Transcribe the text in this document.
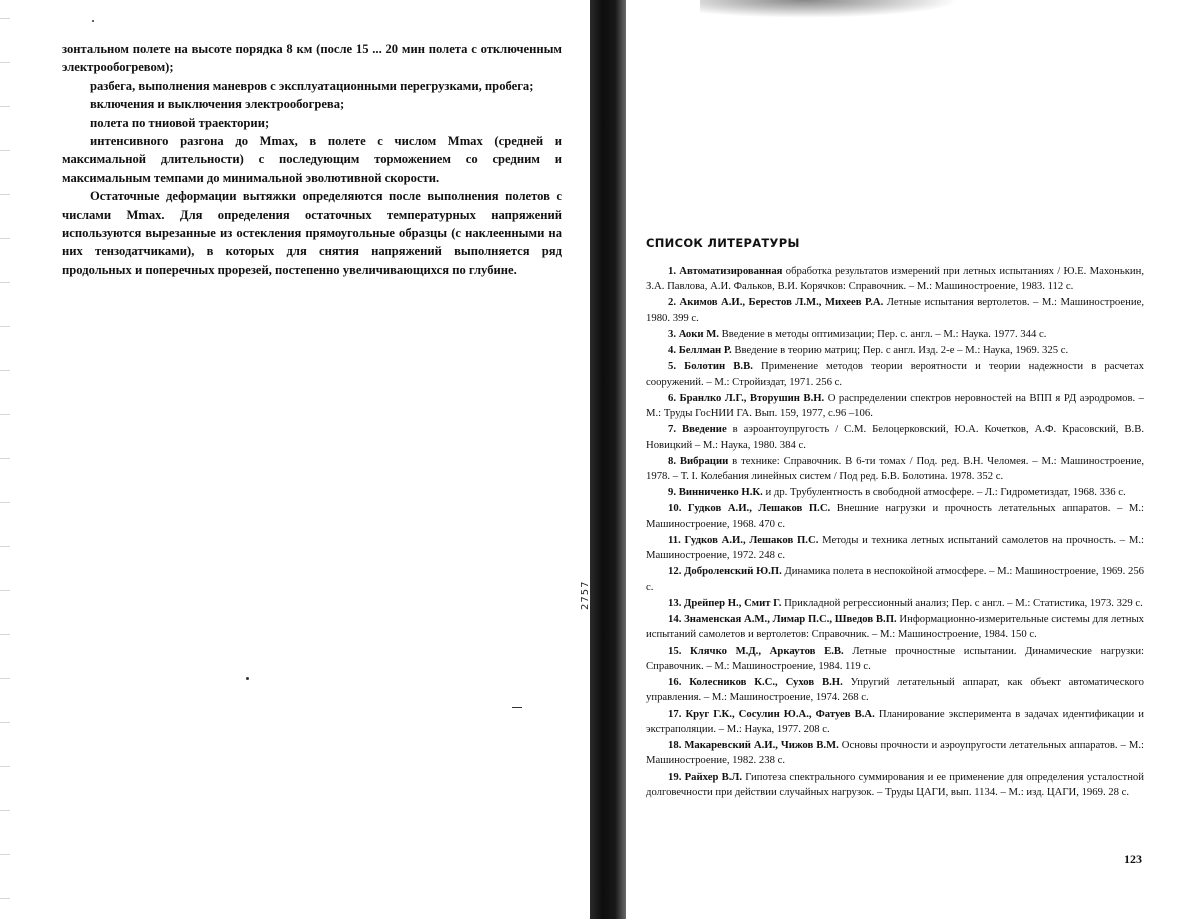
зонтальном полете на высоте порядка 8 км (после 15 ... 20 мин полета с отключенным электрообогревом);

разбега, выполнения маневров с эксплуатационными перегрузками, пробега;

включения и выключения электрообогрева;

полета по тниовой траектории;

интенсивного разгона до Mmax, в полете с числом Mmax (средней и максимальной длительности) с последующим торможением со средним и максимальным темпами до минимальной эволютивной скорости.

Остаточные деформации вытяжки определяются после выполнения полетов с числами Mmax. Для определения остаточных температурных напряжений используются вырезанные из остекления прямоугольные образцы (с наклеенными на них тензодатчиками), в которых для снятия напряжений выполняется ряд продольных и поперечных прорезей, постепенно увеличивающихся по глубине.

2757
СПИСОК ЛИТЕРАТУРЫ
1. Автоматизированная обработка результатов измерений при летных испытаниях / Ю.Е. Махонькин, З.А. Павлова, А.И. Фальков, В.И. Корячков: Справочник. – М.: Машиностроение, 1983. 112 с.
2. Акимов А.И., Берестов Л.М., Михеев Р.А. Летные испытания вертолетов. – М.: Машиностроение, 1980. 399 с.
3. Аоки М. Введение в методы оптимизации; Пер. с. англ. – М.: Наука. 1977. 344 с.
4. Беллман Р. Введение в теорию матриц; Пер. с англ. Изд. 2-е – М.: Наука, 1969. 325 с.
5. Болотин В.В. Применение методов теории вероятности и теории надежности в расчетах сооружений. – М.: Стройиздат, 1971. 256 с.
6. Бранлко Л.Г., Вторушин В.Н. О распределении спектров неровностей на ВПП я РД аэродромов. – М.: Труды ГосНИИ ГА. Вып. 159, 1977, с.96 –106.
7. Введение в аэроантоупругость / С.М. Белоцерковский, Ю.А. Кочетков, А.Ф. Красовский, В.В. Новицкий – М.: Наука, 1980. 384 с.
8. Вибрации в технике: Справочник. В 6-ти томах / Под. ред. В.Н. Челомея. – М.: Машиностроение, 1978. – Т. I. Колебания линейных систем / Под ред. Б.В. Болотина. 1978. 352 с.
9. Винниченко Н.К. и др. Трубулентность в свободной атмосфере. – Л.: Гидрометиздат, 1968. 336 с.
10. Гудков А.И., Лешаков П.С. Внешние нагрузки и прочность летательных аппаратов. – М.: Машиностроение, 1968. 470 с.
11. Гудков А.И., Лешаков П.С. Методы и техника летных испытаний самолетов на прочность. – М.: Машиностроение, 1972. 248 с.
12. Доброленский Ю.П. Динамика полета в неспокойной атмосфере. – М.: Машиностроение, 1969. 256 с.
13. Дрейпер Н., Смит Г. Прикладной регрессионный анализ; Пер. с англ. – М.: Статистика, 1973. 329 с.
14. Знаменская А.М., Лимар П.С., Шведов В.П. Информационно-измерительные системы для летных испытаний самолетов и вертолетов: Справочник. – М.: Машиностроение, 1984. 150 с.
15. Клячко М.Д., Аркаутов Е.В. Летные прочностные испытании. Динамические нагрузки: Справочник. – М.: Машиностроение, 1984. 119 с.
16. Колесников К.С., Сухов В.Н. Упругий летательный аппарат, как объект автоматического управления. – М.: Машиностроение, 1974. 268 с.
17. Круг Г.К., Сосулин Ю.А., Фатуев В.А. Планирование эксперимента в задачах идентификации и экстраполяции. – М.: Наука, 1977. 208 с.
18. Макаревский А.И., Чижов В.М. Основы прочности и аэроупругости летательных аппаратов. – М.: Машиностроение, 1982. 238 с.
19. Райхер В.Л. Гипотеза спектрального суммирования и ее применение для определения усталостной долговечности при действии случайных нагрузок. – Труды ЦАГИ, вып. 1134. – М.: изд. ЦАГИ, 1969. 28 с.
123
